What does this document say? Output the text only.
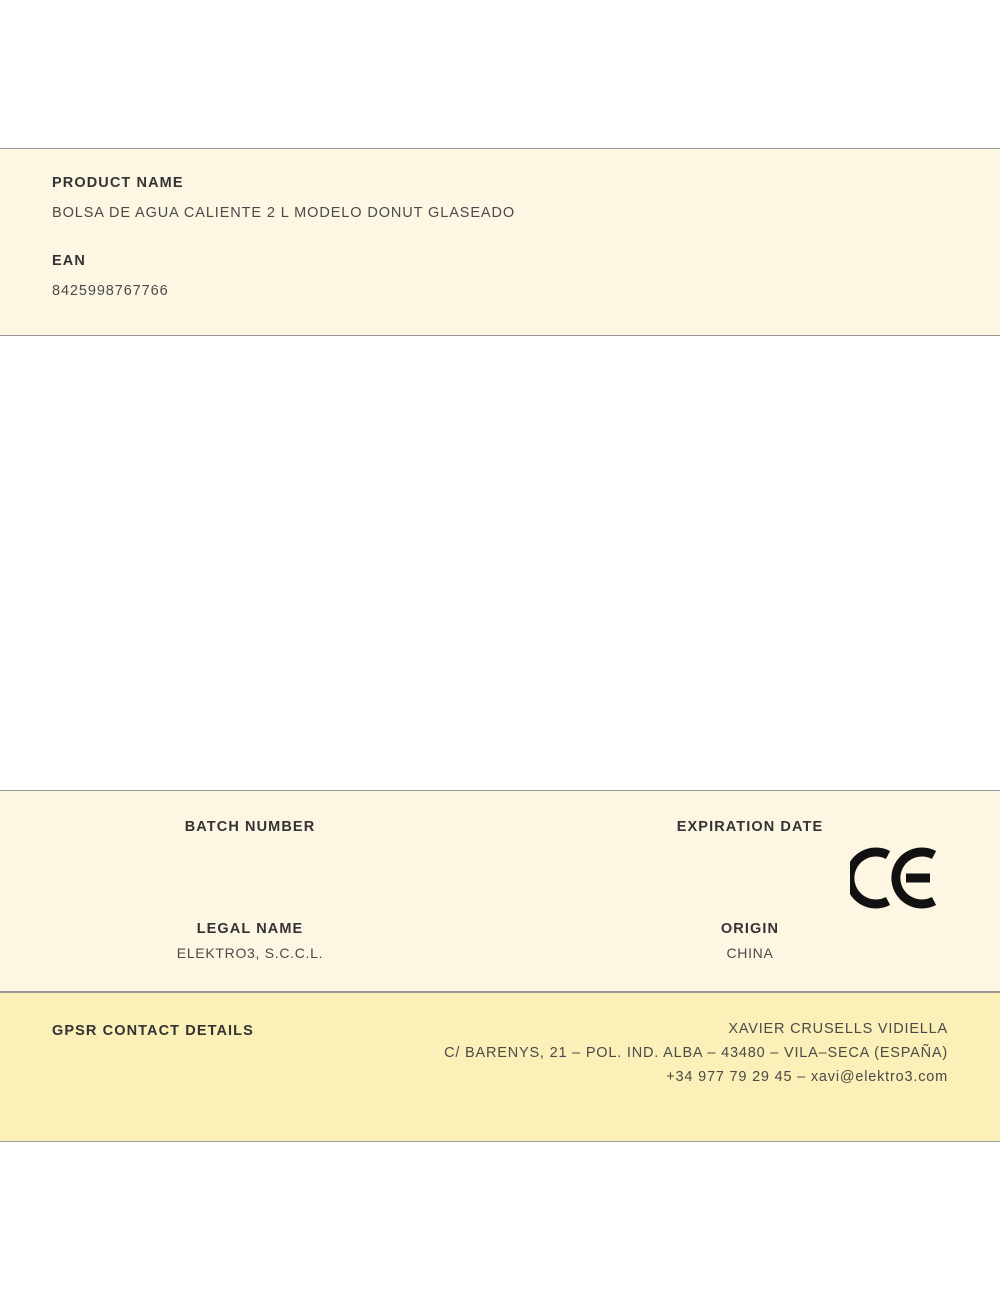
PRODUCT NAME

BOLSA DE AGUA CALIENTE 2 L MODELO DONUT GLASEADO

EAN

8425998767766

BATCH NUMBER	EXPIRATION DATE

LEGAL NAME

ELEKTRO3, S.C.C.L.

ORIGIN

CHINA

GPSR CONTACT DETAILS	XAVIER CRUSELLS VIDIELLA

C/ BARENYS, 21 – POL. IND. ALBA – 43480 – VILA–SECA (ESPAÑA)

+34 977 79 29 45 – xavi@elektro3.com
